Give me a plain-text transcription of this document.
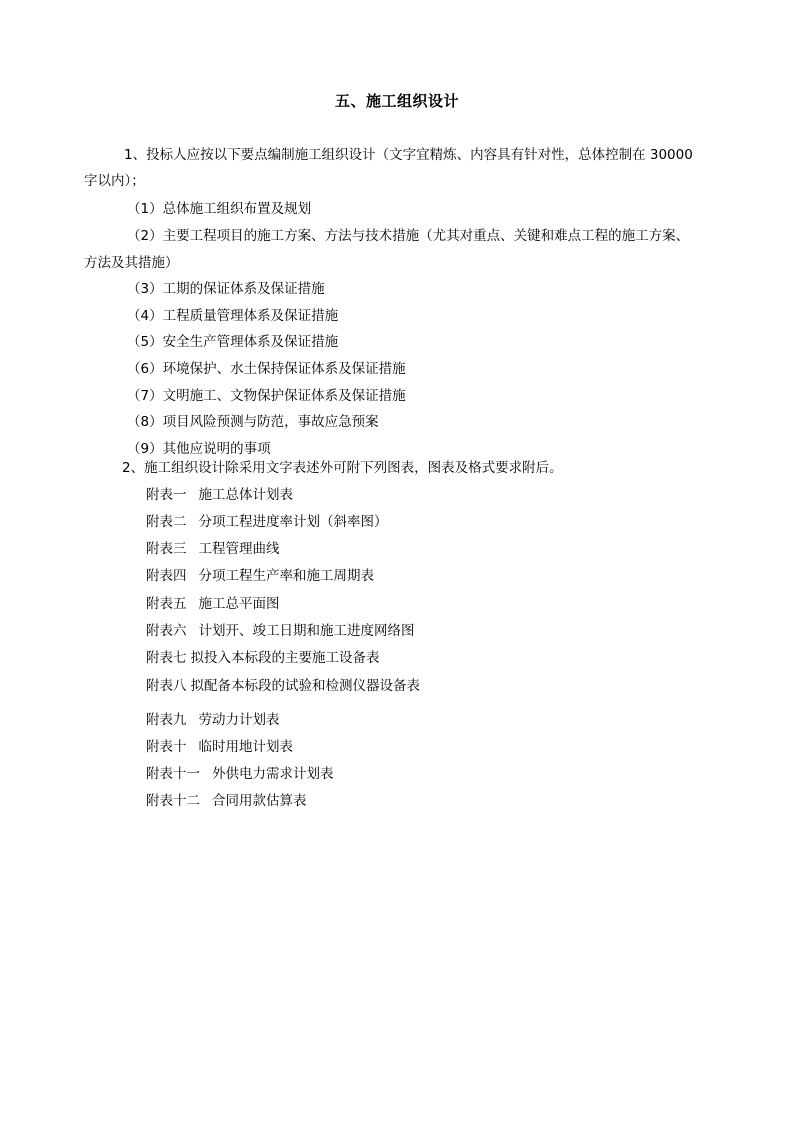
五、施工组织设计
1、投标人应按以下要点编制施工组织设计（文字宜精炼、内容具有针对性，总体控制在 30000
字以内）；
（1）总体施工组织布置及规划
（2）主要工程项目的施工方案、方法与技术措施（尤其对重点、关键和难点工程的施工方案、
方法及其措施）
（3）工期的保证体系及保证措施
（4）工程质量管理体系及保证措施
（5）安全生产管理体系及保证措施
（6）环境保护、水土保持保证体系及保证措施
（7）文明施工、文物保护保证体系及保证措施
（8）项目风险预测与防范，事故应急预案
（9）其他应说明的事项
2、施工组织设计除采用文字表述外可附下列图表，图表及格式要求附后。
附表一 施工总体计划表
附表二 分项工程进度率计划（斜率图）
附表三 工程管理曲线
附表四 分项工程生产率和施工周期表
附表五 施工总平面图
附表六 计划开、竣工日期和施工进度网络图
附表七 拟投入本标段的主要施工设备表
附表八 拟配备本标段的试验和检测仪器设备表
附表九 劳动力计划表
附表十 临时用地计划表
附表十一 外供电力需求计划表
附表十二 合同用款估算表
